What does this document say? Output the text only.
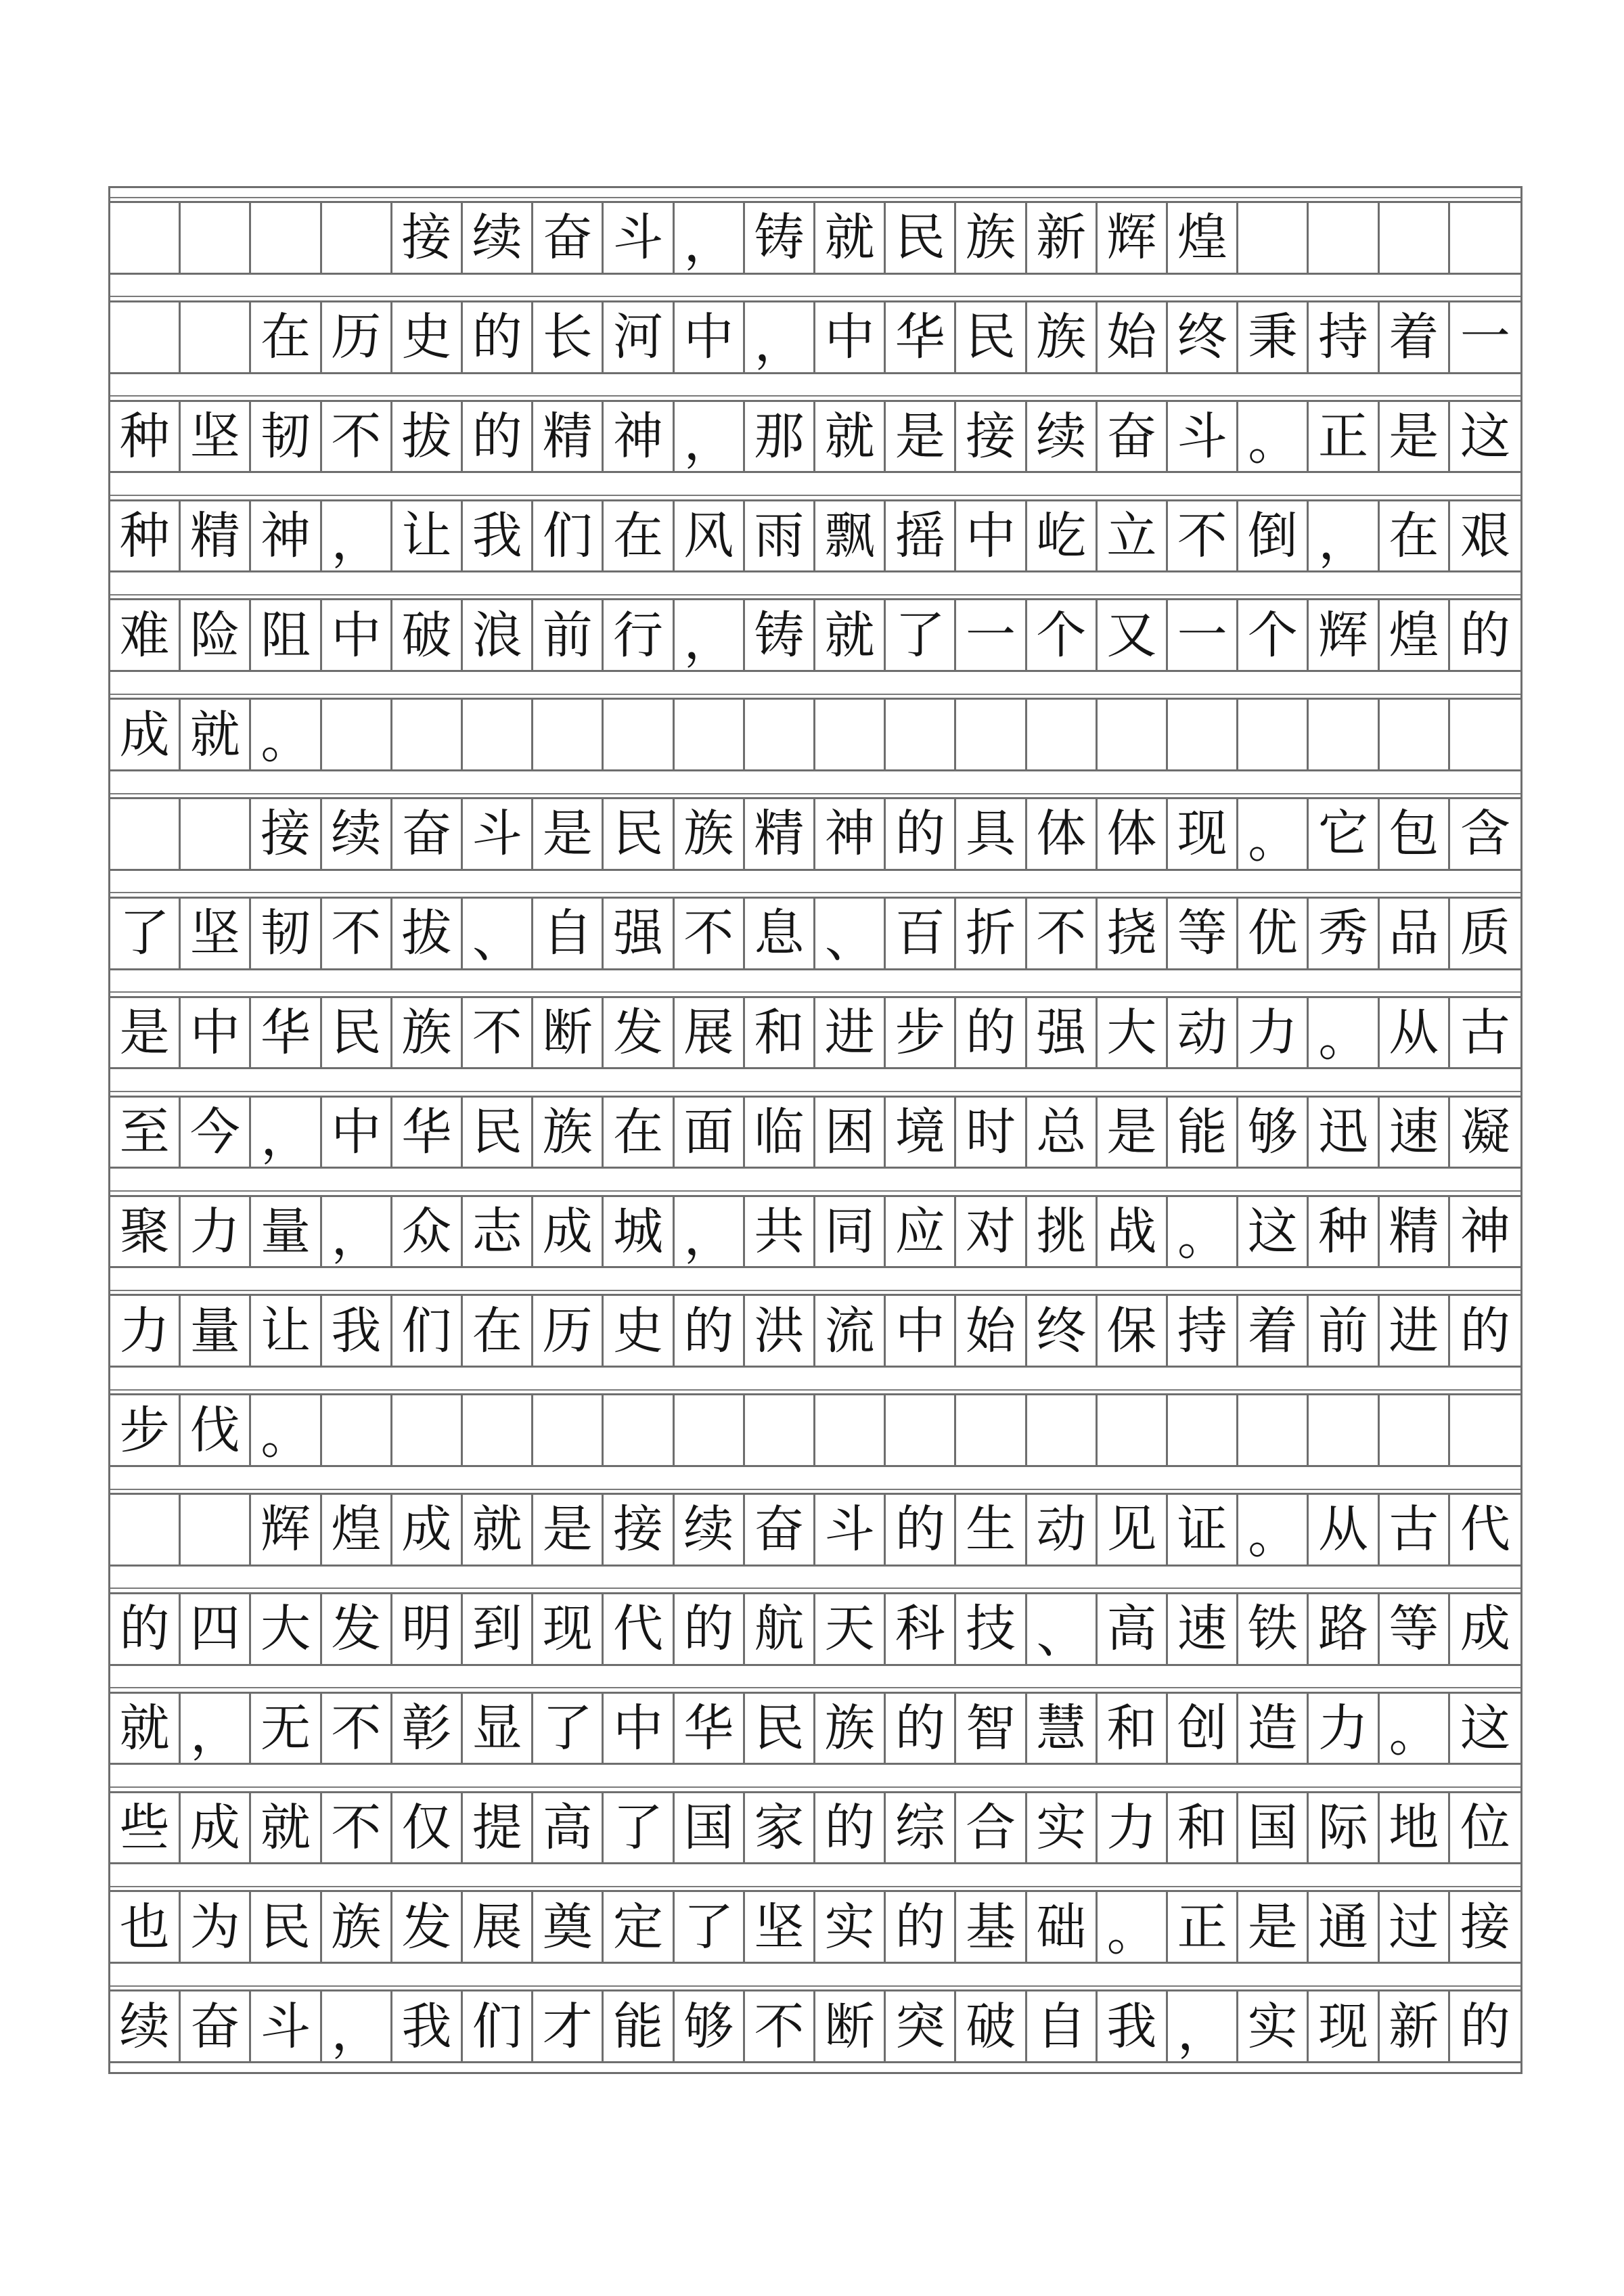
接 续 奋 斗 ， 铸 就 民 族 新 辉 煌
在 历 史 的 长 河 中 ， 中 华 民 族 始 终 秉 持 着 一
种 坚 韧 不 拔 的 精 神 ， 那 就 是 接 续 奋 斗 。 正 是 这
种 精 神 ， 让 我 们 在 风 雨 飘 摇 中 屹 立 不 倒 ， 在 艰
难 险 阻 中 破 浪 前 行 ， 铸 就 了 一 个 又 一 个 辉 煌 的
成 就 。
接 续 奋 斗 是 民 族 精 神 的 具 体 体 现 。 它 包 含
了 坚 韧 不 拔 、 自 强 不 息 、 百 折 不 挠 等 优 秀 品 质
是 中 华 民 族 不 断 发 展 和 进 步 的 强 大 动 力 。 从 古
至 今 ， 中 华 民 族 在 面 临 困 境 时 总 是 能 够 迅 速 凝
聚 力 量 ， 众 志 成 城 ， 共 同 应 对 挑 战 。 这 种 精 神
力 量 让 我 们 在 历 史 的 洪 流 中 始 终 保 持 着 前 进 的
步 伐 。
辉 煌 成 就 是 接 续 奋 斗 的 生 动 见 证 。 从 古 代
的 四 大 发 明 到 现 代 的 航 天 科 技 、 高 速 铁 路 等 成
就 ， 无 不 彰 显 了 中 华 民 族 的 智 慧 和 创 造 力 。 这
些 成 就 不 仅 提 高 了 国 家 的 综 合 实 力 和 国 际 地 位
也 为 民 族 发 展 奠 定 了 坚 实 的 基 础 。 正 是 通 过 接
续 奋 斗 ， 我 们 才 能 够 不 断 突 破 自 我 ， 实 现 新 的
